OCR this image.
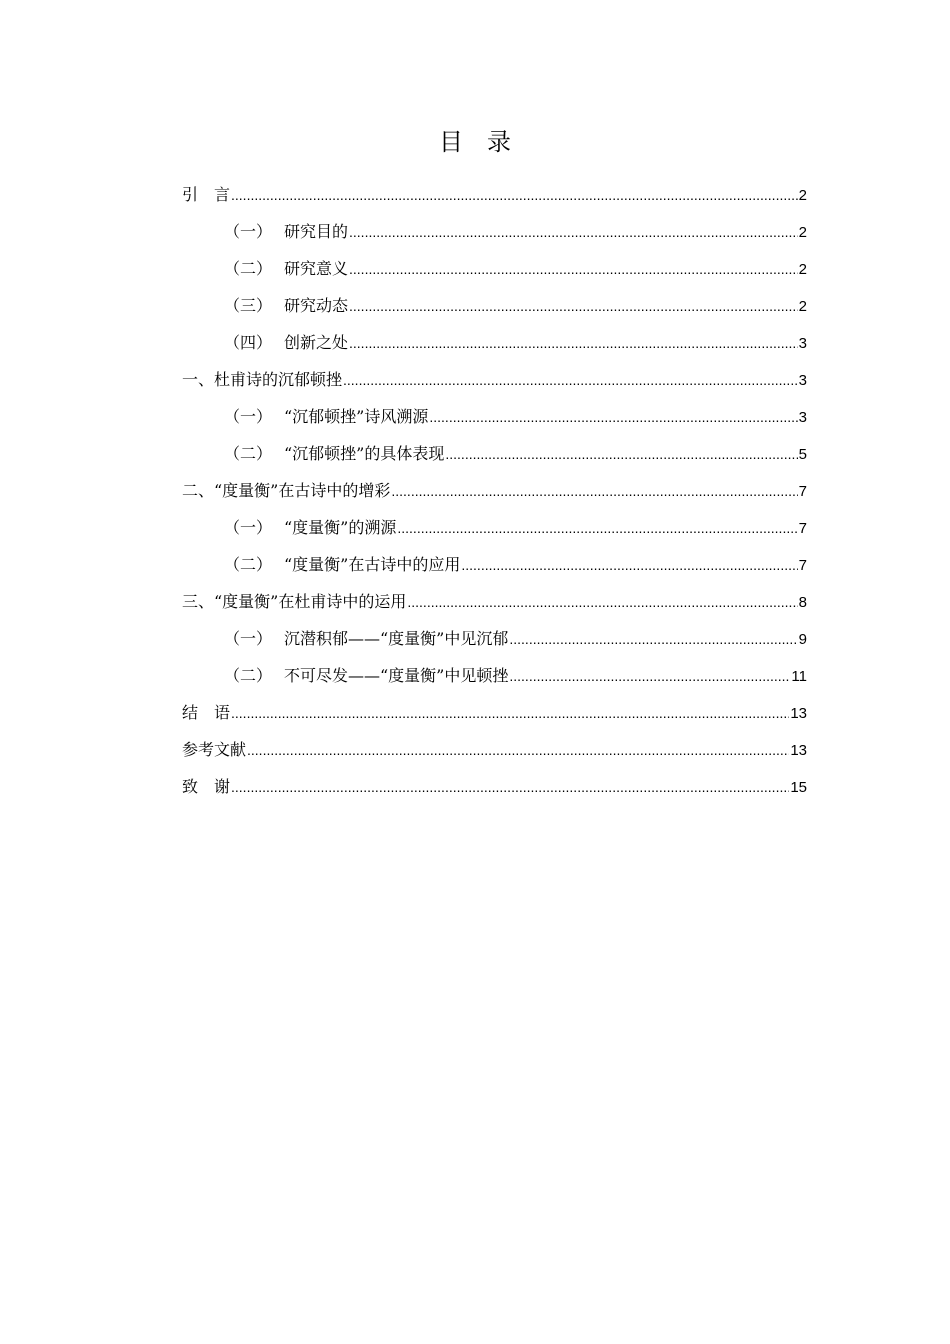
目　录
引　言 .....	2
（一） 研究目的 .....	2
（二） 研究意义 .....	2
（三） 研究动态 .....	2
（四） 创新之处 .....	3
一、杜甫诗的沉郁顿挫 .....	3
（一） “沉郁顿挫”诗风溯源 .....	3
（二） “沉郁顿挫”的具体表现 .....	5
二、“度量衡”在古诗中的增彩 .....	7
（一） “度量衡”的溯源 .....	7
（二） “度量衡”在古诗中的应用 .....	7
三、“度量衡”在杜甫诗中的运用 .....	8
（一） 沉潜积郁——“度量衡”中见沉郁 .....	9
（二） 不可尽发——“度量衡”中见顿挫 .....	11
结　语 .....	13
参考文献 .....	13
致　谢 .....	15
